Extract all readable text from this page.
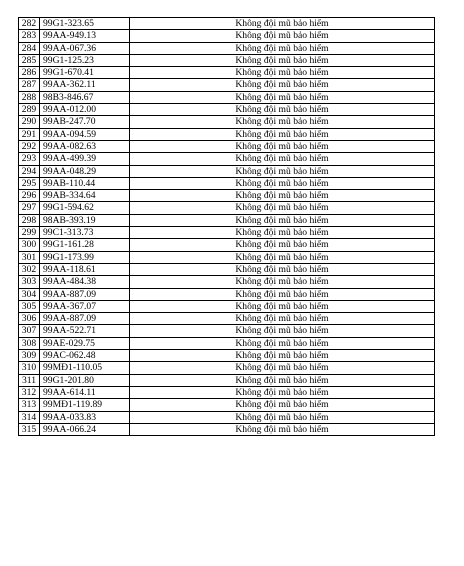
282	99G1-323.65	Không đội mũ bảo hiểm
283	99AA-949.13	Không đội mũ bảo hiểm
284	99AA-067.36	Không đội mũ bảo hiểm
285	99G1-125.23	Không đội mũ bảo hiểm
286	99G1-670.41	Không đội mũ bảo hiểm
287	99AA-362.11	Không đội mũ bảo hiểm
288	98B3-846.67	Không đội mũ bảo hiểm
289	99AA-012.00	Không đội mũ bảo hiểm
290	99AB-247.70	Không đội mũ bảo hiểm
291	99AA-094.59	Không đội mũ bảo hiểm
292	99AA-082.63	Không đội mũ bảo hiểm
293	99AA-499.39	Không đội mũ bảo hiểm
294	99AA-048.29	Không đội mũ bảo hiểm
295	99AB-110.44	Không đội mũ bảo hiểm
296	99AB-334.64	Không đội mũ bảo hiểm
297	99G1-594.62	Không đội mũ bảo hiểm
298	98AB-393.19	Không đội mũ bảo hiểm
299	99C1-313.73	Không đội mũ bảo hiểm
300	99G1-161.28	Không đội mũ bảo hiểm
301	99G1-173.99	Không đội mũ bảo hiểm
302	99AA-118.61	Không đội mũ bảo hiểm
303	99AA-484.38	Không đội mũ bảo hiểm
304	99AA-887.09	Không đội mũ bảo hiểm
305	99AA-367.07	Không đội mũ bảo hiểm
306	99AA-887.09	Không đội mũ bảo hiểm
307	99AA-522.71	Không đội mũ bảo hiểm
308	99AE-029.75	Không đội mũ bảo hiểm
309	99AC-062.48	Không đội mũ bảo hiểm
310	99MĐ1-110.05	Không đội mũ bảo hiểm
311	99G1-201.80	Không đội mũ bảo hiểm
312	99AA-614.11	Không đội mũ bảo hiểm
313	99MĐ1-119.89	Không đội mũ bảo hiểm
314	99AA-033.83	Không đội mũ bảo hiểm
315	99AA-066.24	Không đội mũ bảo hiểm
